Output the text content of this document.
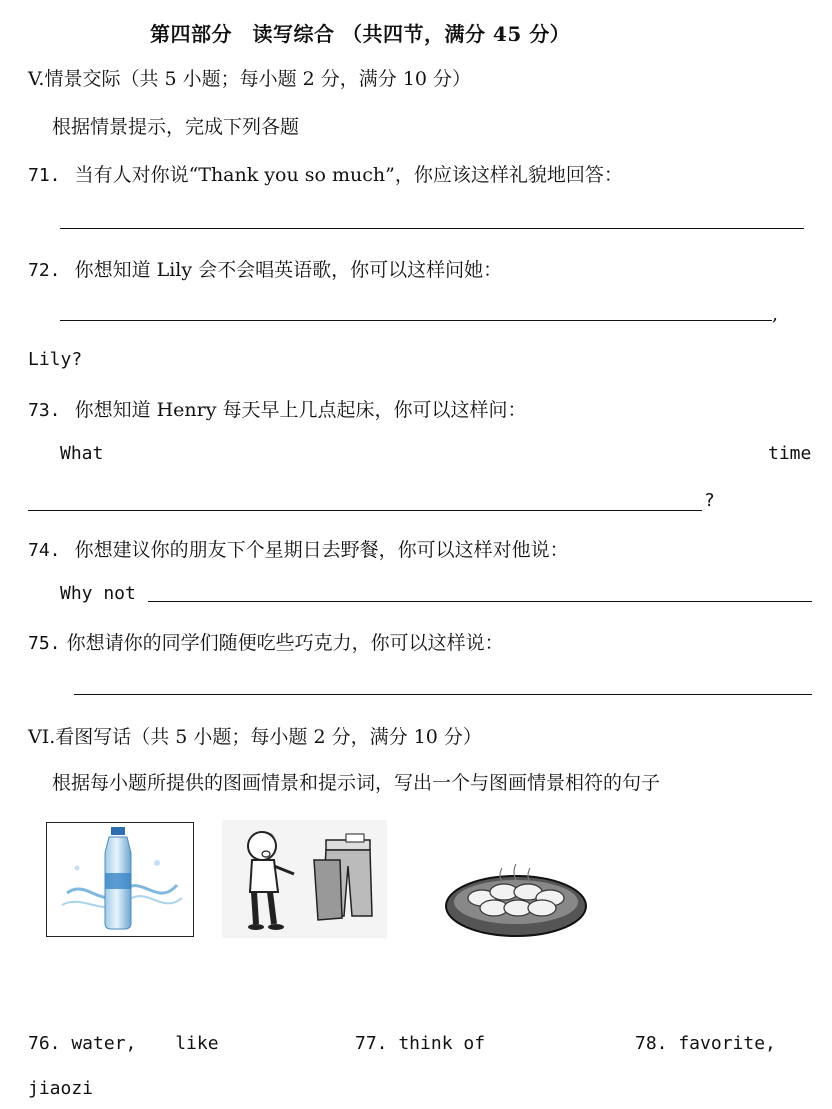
第四部分　读写综合 （共四节，满分 45 分）
V.情景交际（共 5 小题；每小题 2 分，满分 10 分）
根据情景提示，完成下列各题
71. 当有人对你说“Thank you so much”，你应该这样礼貌地回答：
72. 你想知道 Lily 会不会唱英语歌，你可以这样问她：
,
Lily?
73. 你想知道 Henry 每天早上几点起床，你可以这样问：
What	time
?
74. 你想建议你的朋友下个星期日去野餐，你可以这样对他说：
Why not
75. 你想请你的同学们随便吃些巧克力，你可以这样说：
VI.看图写话（共 5 小题；每小题 2 分，满分 10 分）
根据每小题所提供的图画情景和提示词，写出一个与图画情景相符的句子
76. water, like	77. think of	78. favorite,
jiaozi
